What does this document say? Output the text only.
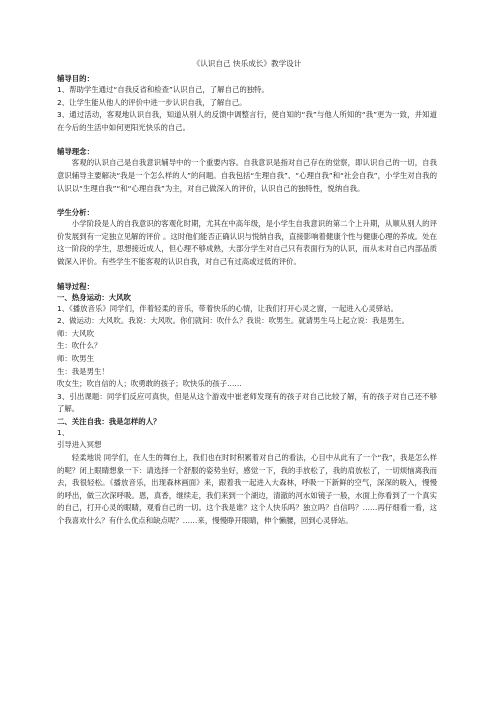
《认识自己 快乐成长》教学设计

辅导目的：

1、帮助学生通过“自我反省和检查”认识自己，了解自己的独特。

2、让学生能从他人的评价中进一步认识自我，了解自己。

3、通过活动，客观地认识自我，知道从别人的反馈中调整言行，使自知的“我”与他人所知的“我”更为一致，并知道在今后的生活中如何更阳光快乐的自己。

辅导理念：

客观的认识自己是自我意识辅导中的一个重要内容。自我意识是指对自己存在的觉察，即认识自己的一切，自我意识辅导主要解决“我是一个怎么样的人”的问题。自我包括“生理自我”、“心理自我”和“社会自我”，小学生对自我的认识以“生理自我”“和“心理自我”为主，对自己做深入的评价，认识自己的独特性，悦纳自我。

学生分析：

小学阶段是人的自我意识的客观化时期，尤其在中高年级，是小学生自我意识的第二个上升期，从顺从别人的评价发展到有一定独立见解的评价 。这时他们能否正确认识与悦纳自我，直接影响着健康个性与健康心理的养成。处在这一阶段的学生，思想接近成人，但心理不够成熟，大部分学生对自己只有表面行为的认识，而从未对自己内部品质做深入评价。有些学生不能客观的认识自我，对自己有过高或过低的评价。

辅导过程：

一、热身运动：大风吹

1、《播放音乐》同学们，伴着轻柔的音乐，带着快乐的心情，让我们打开心灵之窗，一起进入心灵驿站。

2、做运动：大风吹。我说：大风吹。你们就问：吹什么？我说：吹男生。就请男生马上起立说：我是男生。

师：大风吹

生：吹什么？

师：吹男生

生：我是男生！

吹女生；吹自信的人；吹勇敢的孩子；吹快乐的孩子……

3、引出课题：同学们反应可真快，但是从这个游戏中崔老师发现有的孩子对自己比较了解，有的孩子对自己还不够了解。

二、关注自我：我是怎样的人？

1、

引导进入冥想

轻柔地说 同学们，在人生的舞台上，我们也在时时积累着对自己的看法，心目中从此有了一个“我”，我是怎么样的呢？闭上眼睛想象一下：请选择一个舒服的姿势坐好，感觉一下，我的手放松了，我的肩放松了，一切烦恼离我而去，我很轻松。《播放音乐，出现森林画面》来，跟着我一起进入大森林，呼吸一下新鲜的空气，深深的吸入，慢慢的呼出，做三次深呼吸。恩，真香，继续走，我们来到一个湖边，清澈的河水如镜子一般，水面上你看到了一个真实的自己，打开心灵的眼睛，观看自己的一切。这个我是谁？这个人快乐吗？独立吗？自信吗？……再仔细看一看，这个我喜欢什么？有什么优点和缺点呢？……来，慢慢睁开眼睛，伸个懒腰，回到心灵驿站。
